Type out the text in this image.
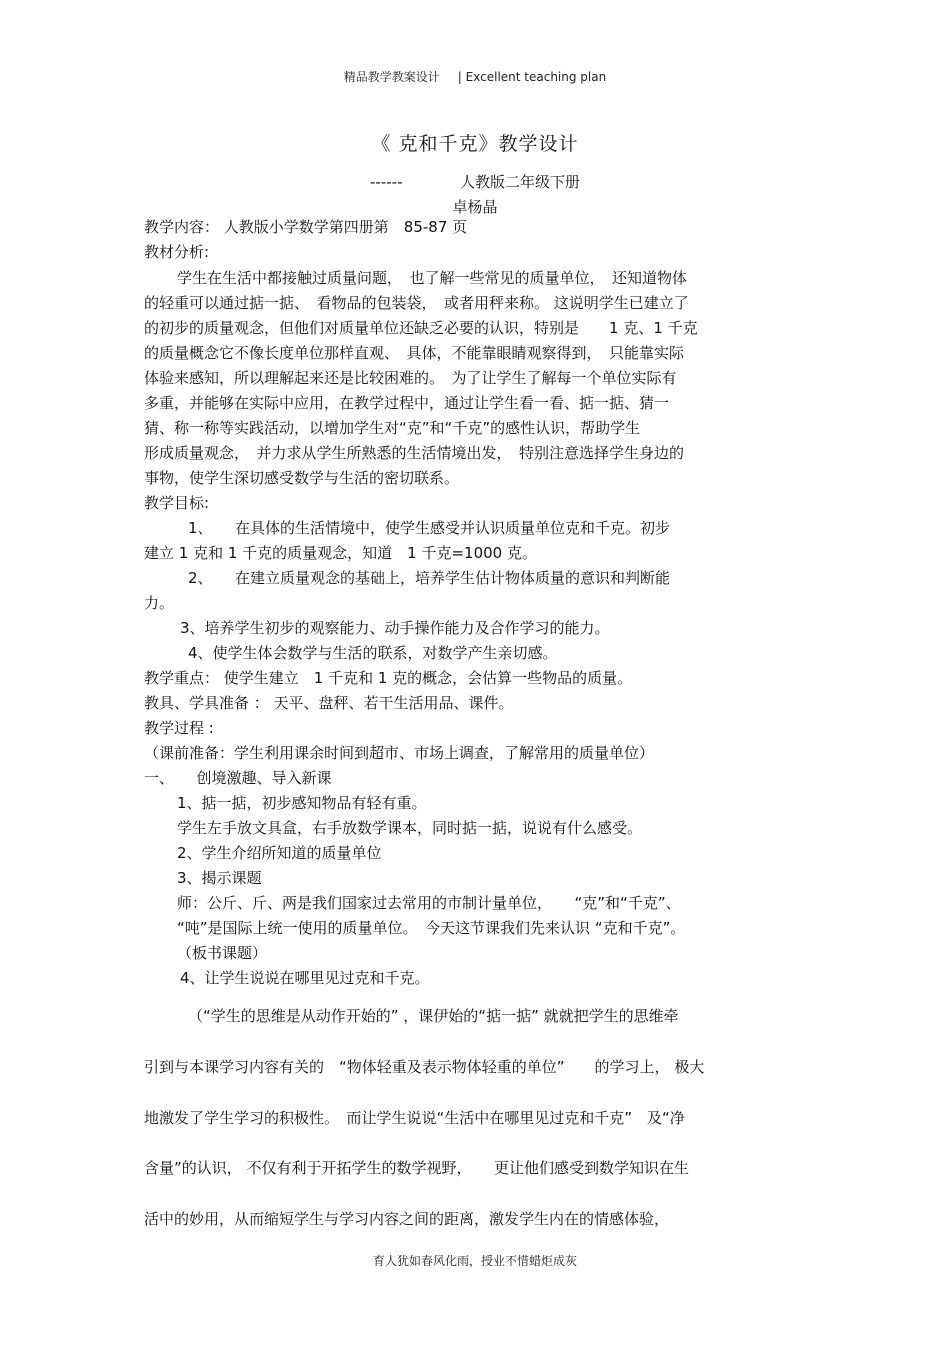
精品教学教案设计 | Excellent teaching plan
《 克和千克》教学设计
------	人教版二年级下册
卓杨晶
教学内容： 人教版小学数学第四册第　85-87 页
教材分析:
学生在生活中都接触过质量问题，　也了解一些常见的质量单位，　还知道物体
的轻重可以通过掂一掂、　看物品的包装袋，　或者用秤来称。 这说明学生已建立了
的初步的质量观念，但他们对质量单位还缺乏必要的认识，特别是　　1 克、1 千克
的质量概念它不像长度单位那样直观、　具体，不能靠眼睛观察得到，　只能靠实际
体验来感知，所以理解起来还是比较困难的。　为了让学生了解每一个单位实际有
多重，并能够在实际中应用，在教学过程中，通过让学生看一看、掂一掂、猜一
猜、称一称等实践活动，以增加学生对“克”和“千克”的感性认识，帮助学生
形成质量观念，　并力求从学生所熟悉的生活情境出发，　特别注意选择学生身边的
事物，使学生深切感受数学与生活的密切联系。
教学目标:
1、　　在具体的生活情境中，使学生感受并认识质量单位克和千克。初步
建立 1 克和 1 千克的质量观念，知道　1 千克=1000 克。
2、　　在建立质量观念的基础上，培养学生估计物体质量的意识和判断能
力。
3、培养学生初步的观察能力、动手操作能力及合作学习的能力。
4、使学生体会数学与生活的联系，对数学产生亲切感。
教学重点： 使学生建立　1 千克和 1 克的概念，会估算一些物品的质量。
教具、学具准备 ： 天平、盘秤、若干生活用品、课件。
教学过程 :
（课前准备：学生利用课余时间到超市、市场上调查，了解常用的质量单位）
一、　　创境激趣、导入新课
1、掂一掂，初步感知物品有轻有重。
学生左手放文具盒，右手放数学课本，同时掂一掂，说说有什么感受。
2、学生介绍所知道的质量单位
3、揭示课题
师：公斤、斤、两是我们国家过去常用的市制计量单位，　　“克”和“千克”、
“吨”是国际上统一使用的质量单位。　今天这节课我们先来认识 “克和千克”。
（板书课题）
4、让学生说说在哪里见过克和千克。
（“学生的思维是从动作开始的” ，课伊始的“掂一掂” 就就把学生的思维牵
引到与本课学习内容有关的　“物体轻重及表示物体轻重的单位”　　的学习上， 极大
地激发了学生学习的积极性。　而让学生说说“生活中在哪里见过克和千克”　及“净
含量”的认识， 不仅有利于开拓学生的数学视野，　　更让他们感受到数学知识在生
活中的妙用，从而缩短学生与学习内容之间的距离，激发学生内在的情感体验，
育人犹如春风化雨，授业不惜蜡炬成灰
